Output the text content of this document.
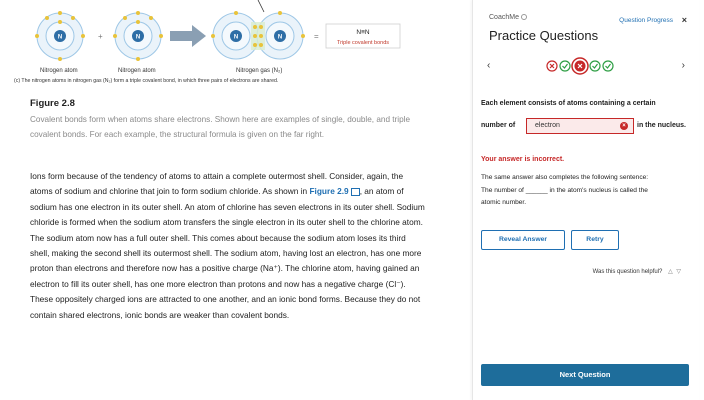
N	+	N	N	N	=	N≡N
Triple covalent bonds
Nitrogen atom	Nitrogen atom	Nitrogen gas (N₂)
(c) The nitrogen atoms in nitrogen gas (N₂) form a triple covalent bond, in which three pairs of electrons are shared.
Figure 2.8
Covalent bonds form when atoms share electrons. Shown here are examples of single, double, and triple covalent bonds. For each example, the structural formula is given on the far right.
Ions form because of the tendency of atoms to attain a complete outermost shell. Consider, again, the atoms of sodium and chlorine that join to form sodium chloride. As shown in Figure 2.9 , an atom of sodium has one electron in its outer shell. An atom of chlorine has seven electrons in its outer shell. Sodium chloride is formed when the sodium atom transfers the single electron in its outer shell to the chlorine atom. The sodium atom now has a full outer shell. This comes about because the sodium atom loses its third shell, making the second shell its outermost shell. The sodium atom, having lost an electron, has one more proton than electrons and therefore now has a positive charge (Na⁺). The chlorine atom, having gained an electron to fill its outer shell, has one more electron than protons and now has a negative charge (Cl⁻). These oppositely charged ions are attracted to one another, and an ionic bond forms. Because they do not contain shared electrons, ionic bonds are weaker than covalent bonds.
CoachMe
Practice Questions
Question Progress ×
‹	›
Each element consists of atoms containing a certain
number of	electron	×	in the nucleus.
Your answer is incorrect.
The same answer also completes the following sentence: The number of ______ in the atom's nucleus is called the atomic number.
Reveal Answer	Retry
Was this question helpful? △ ▽
Next Question
